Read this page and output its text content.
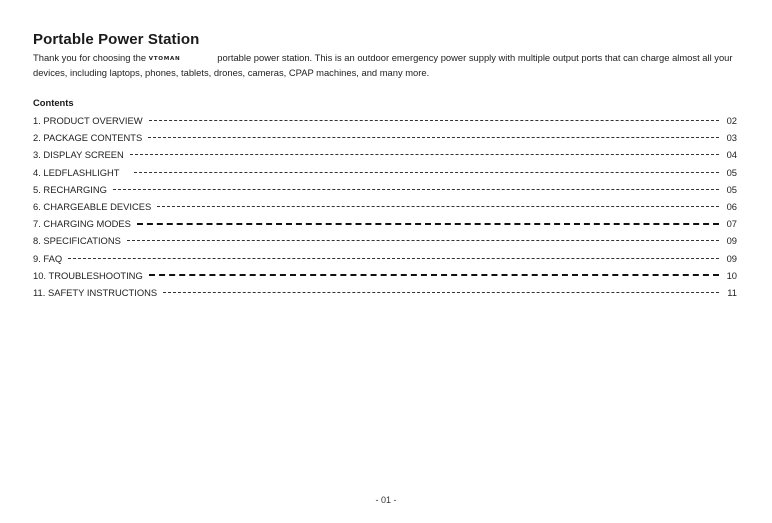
Portable Power Station
Thank you for choosing the VTOMAN	portable power station. This is an outdoor emergency power supply with multiple output ports that can charge almost all your devices, including laptops, phones, tablets, drones, cameras, CPAP machines, and many more.
Contents
1. PRODUCT OVERVIEW	02
2. PACKAGE CONTENTS	03
3. DISPLAY SCREEN	04
4. LEDFLASHLIGHT	05
5. RECHARGING	05
6. CHARGEABLE DEVICES	06
7. CHARGING MODES	07
8. SPECIFICATIONS	09
9. FAQ	09
10. TROUBLESHOOTING	10
11. SAFETY INSTRUCTIONS	11
- 01 -
